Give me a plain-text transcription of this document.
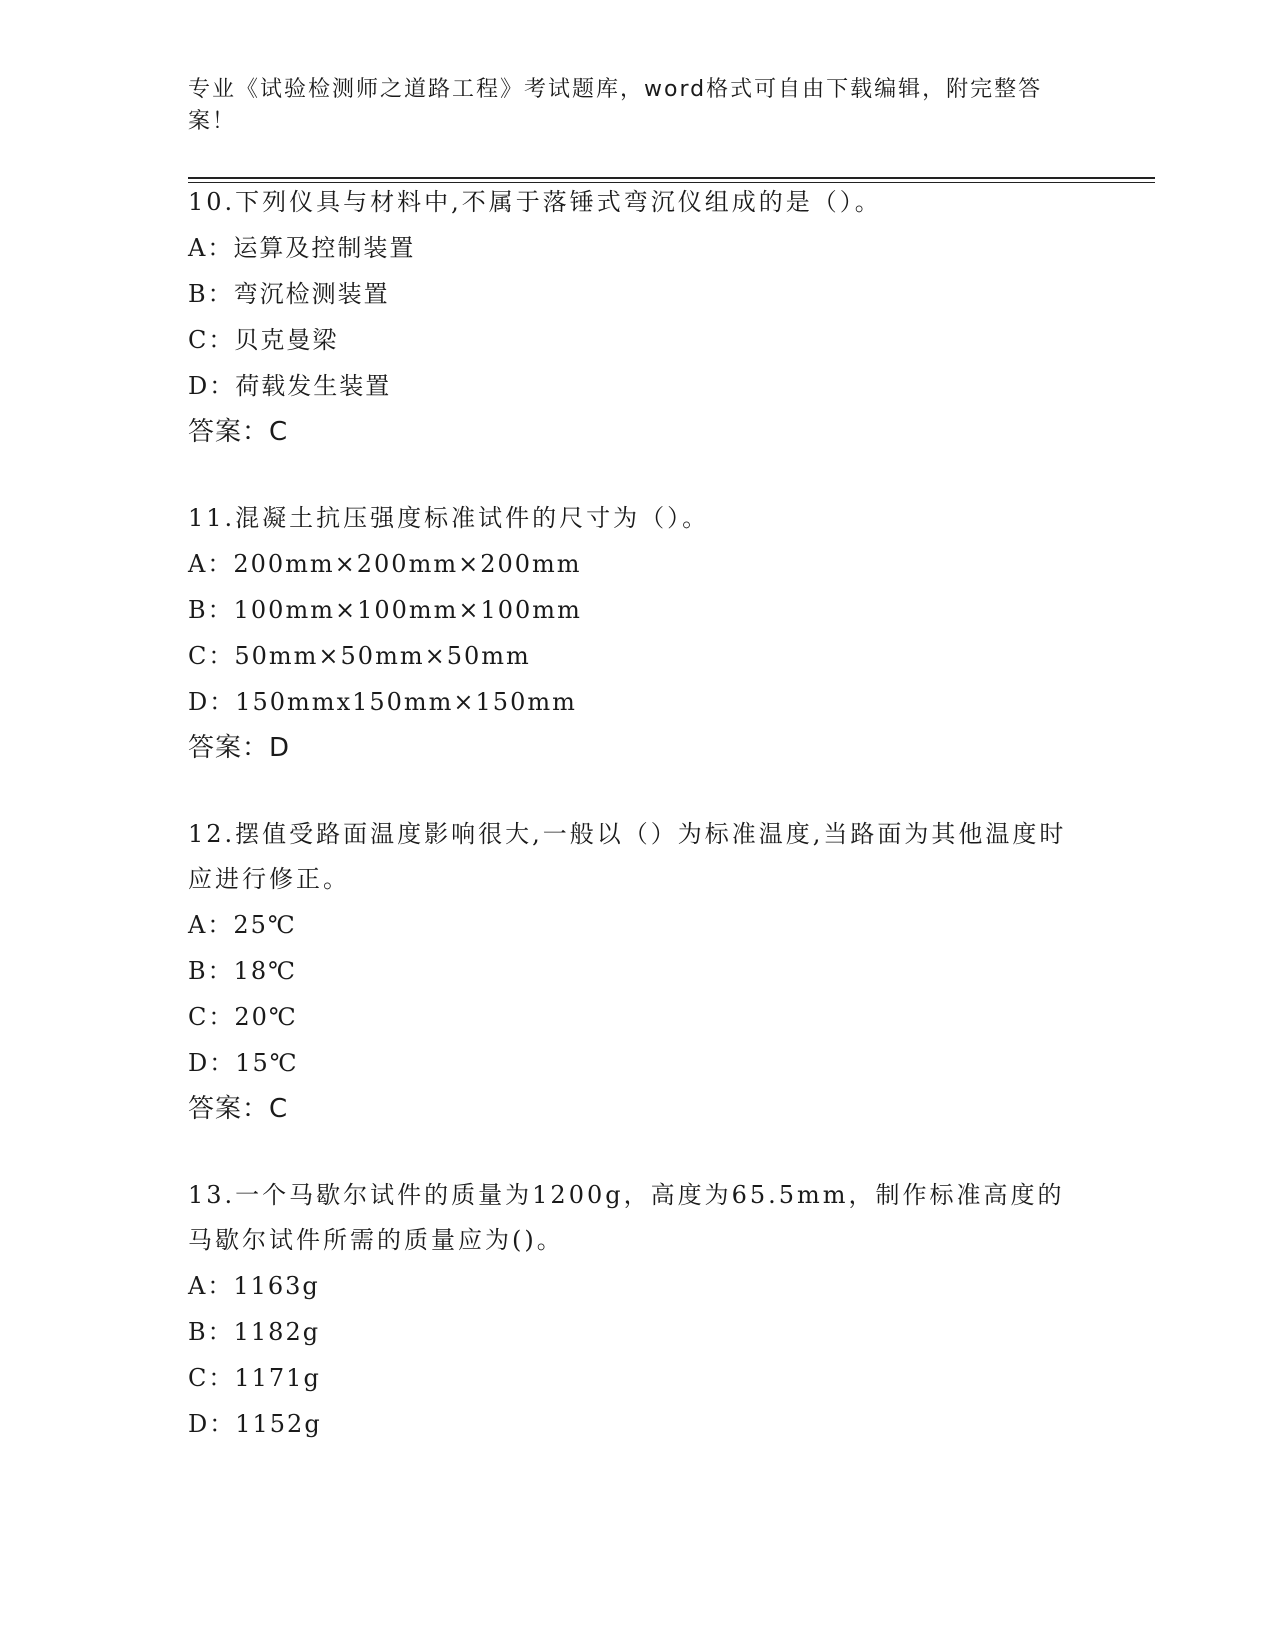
专业《试验检测师之道路工程》考试题库，word格式可自由下载编辑，附完整答案！
10.下列仪具与材料中,不属于落锤式弯沉仪组成的是（）。
A：运算及控制装置
B：弯沉检测装置
C：贝克曼梁
D：荷载发生装置
答案：C
11.混凝土抗压强度标准试件的尺寸为（）。
A：200mm×200mm×200mm
B：100mm×100mm×100mm
C：50mm×50mm×50mm
D：150mmx150mm×150mm
答案：D
12.摆值受路面温度影响很大,一般以（）为标准温度,当路面为其他温度时应进行修正。
A：25℃
B：18℃
C：20℃
D：15℃
答案：C
13.一个马歇尔试件的质量为1200g，高度为65.5mm，制作标准高度的马歇尔试件所需的质量应为()。
A：1163g
B：1182g
C：1171g
D：1152g
